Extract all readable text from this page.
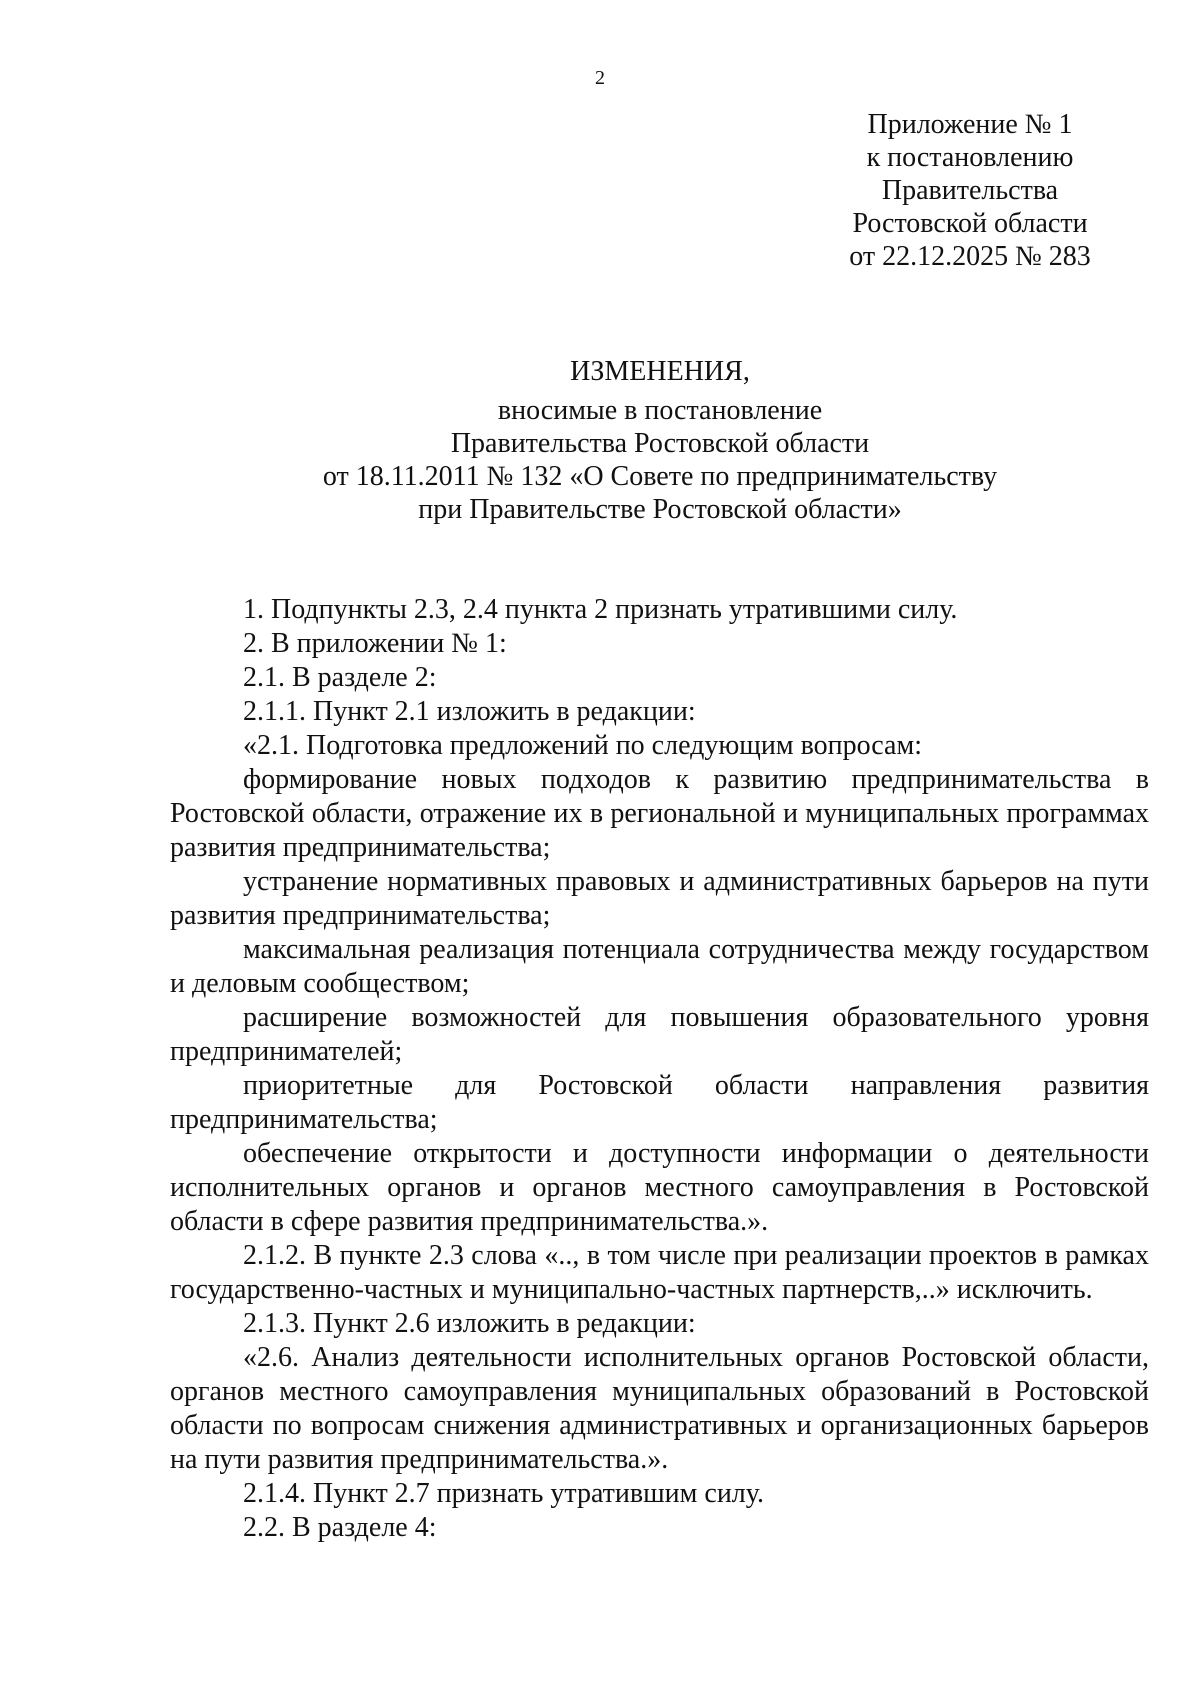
2
Приложение № 1
к постановлению
Правительства
Ростовской области
от 22.12.2025 № 283
ИЗМЕНЕНИЯ,
вносимые в постановление
Правительства Ростовской области
от 18.11.2011 № 132 «О Совете по предпринимательству
при Правительстве Ростовской области»

1. Подпункты 2.3, 2.4 пункта 2 признать утратившими силу.

2. В приложении № 1:

2.1. В разделе 2:

2.1.1. Пункт 2.1 изложить в редакции:

«2.1. Подготовка предложений по следующим вопросам:

формирование новых подходов к развитию предпринимательства в Ростовской области, отражение их в региональной и муниципальных программах развития предпринимательства;

устранение нормативных правовых и административных барьеров на пути развития предпринимательства;

максимальная реализация потенциала сотрудничества между государством и деловым сообществом;

расширение возможностей для повышения образовательного уровня предпринимателей;

приоритетные для Ростовской области направления развития предпринимательства;

обеспечение открытости и доступности информации о деятельности исполнительных органов и органов местного самоуправления в Ростовской области в сфере развития предпринимательства.».

2.1.2. В пункте 2.3 слова «.., в том числе при реализации проектов в рамках государственно-частных и муниципально-частных партнерств,..» исключить.

2.1.3. Пункт 2.6 изложить в редакции:

«2.6. Анализ деятельности исполнительных органов Ростовской области, органов местного самоуправления муниципальных образований в Ростовской области по вопросам снижения административных и организационных барьеров на пути развития предпринимательства.».

2.1.4. Пункт 2.7 признать утратившим силу.

2.2. В разделе 4:
